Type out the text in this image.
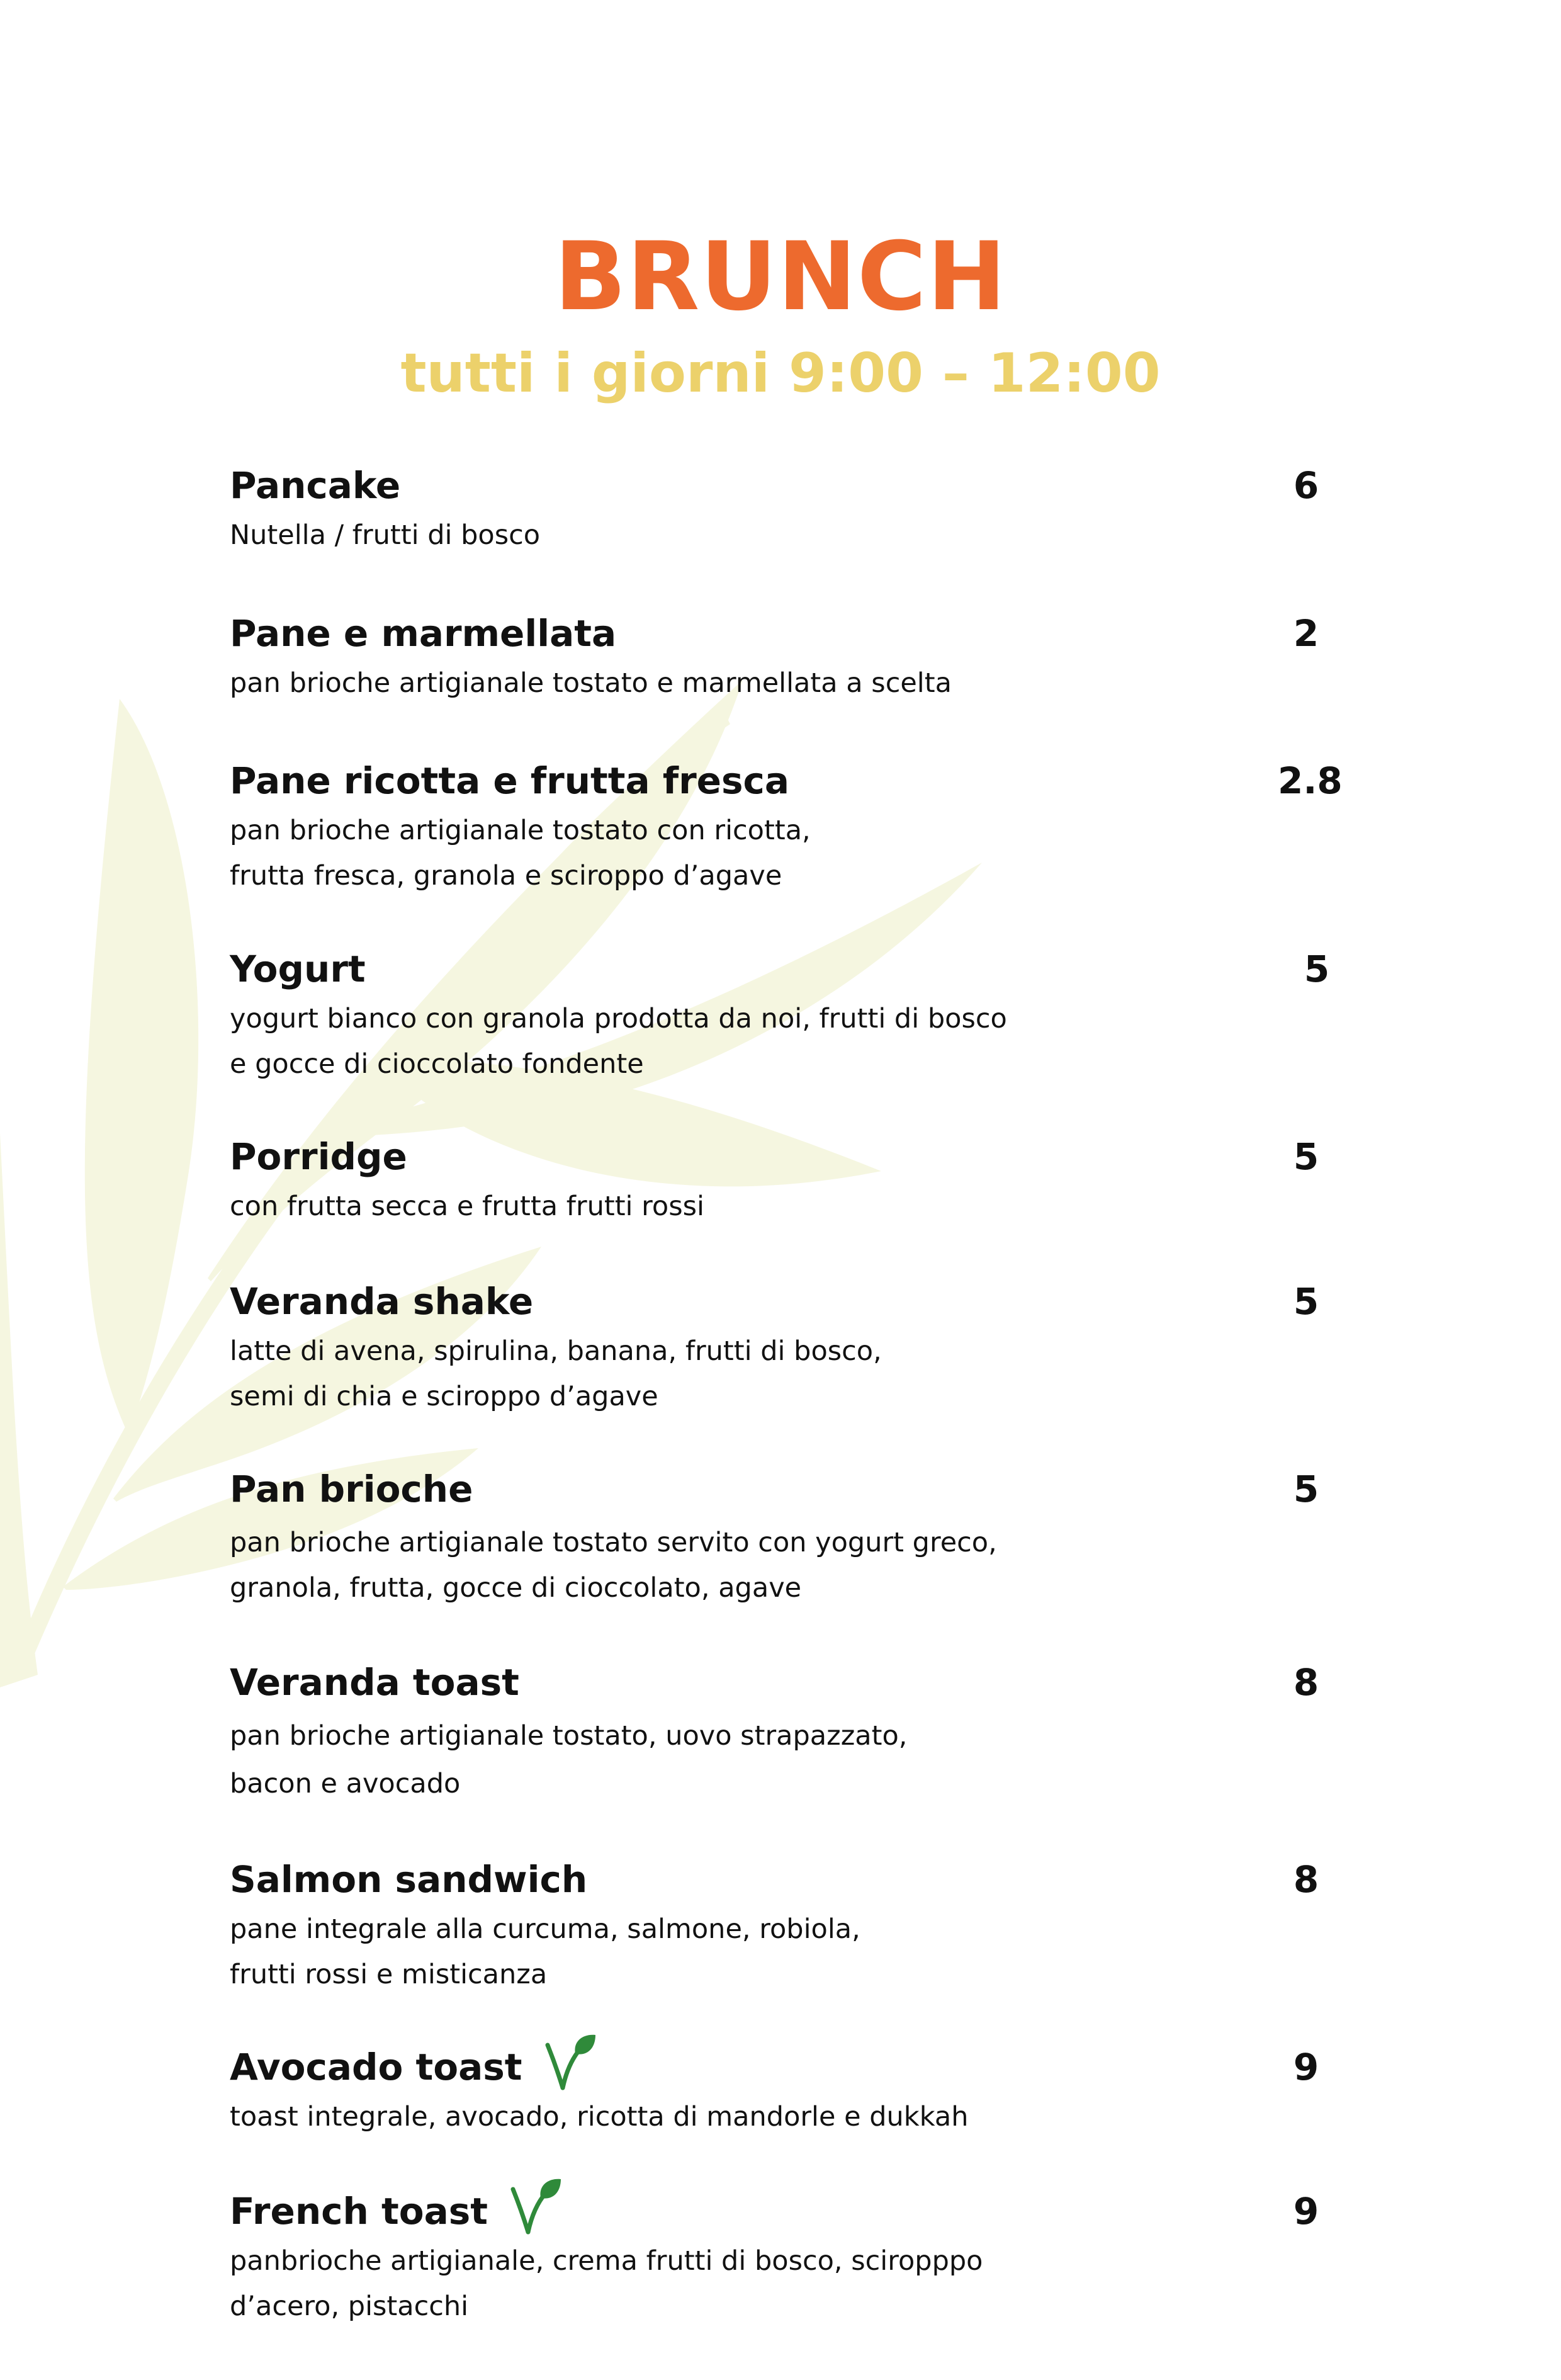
BRUNCH
tutti i giorni 9:00 – 12:00
Pancake	6
Nutella / frutti di bosco
Pane e marmellata	2
pan brioche artigianale tostato e marmellata a scelta
Pane ricotta e frutta fresca	2.8
pan brioche artigianale tostato con ricotta,
frutta fresca, granola e sciroppo d’agave
Yogurt	5
yogurt bianco con granola prodotta da noi, frutti di bosco
e gocce di cioccolato fondente
Porridge	5
con frutta secca e frutta frutti rossi
Veranda shake	5
latte di avena, spirulina, banana, frutti di bosco,
semi di chia e sciroppo d’agave
Pan brioche	5
pan brioche artigianale tostato servito con yogurt greco,
granola, frutta, gocce di cioccolato, agave
Veranda toast	8
pan brioche artigianale tostato, uovo strapazzato,
bacon e avocado
Salmon sandwich	8
pane integrale alla curcuma, salmone, robiola,
frutti rossi e misticanza
Avocado toast	9
toast integrale, avocado, ricotta di mandorle e dukkah
French toast	9
panbrioche artigianale, crema frutti di bosco, sciropppo
d’acero, pistacchi
